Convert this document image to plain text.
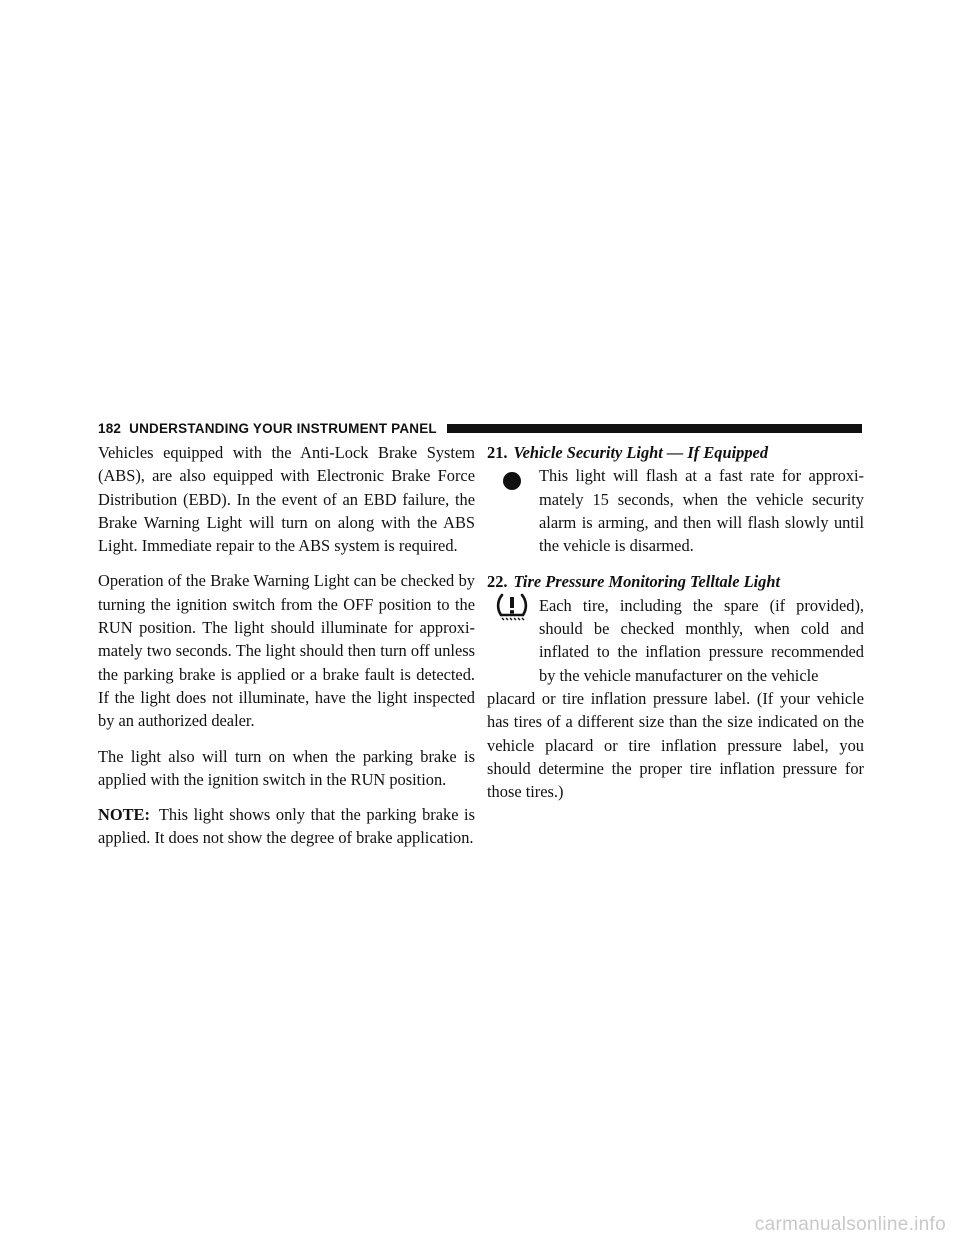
182 UNDERSTANDING YOUR INSTRUMENT PANEL

Vehicles equipped with the Anti-Lock Brake System (ABS), are also equipped with Electronic Brake Force Distribution (EBD). In the event of an EBD failure, the Brake Warning Light will turn on along with the ABS Light. Immediate repair to the ABS system is required.

Operation of the Brake Warning Light can be checked by turning the ignition switch from the OFF position to the RUN position. The light should illuminate for approximately two seconds. The light should then turn off unless the parking brake is applied or a brake fault is detected. If the light does not illuminate, have the light inspected by an authorized dealer.

The light also will turn on when the parking brake is applied with the ignition switch in the RUN position.

NOTE: This light shows only that the parking brake is applied. It does not show the degree of brake application.

21. Vehicle Security Light — If Equipped

This light will flash at a fast rate for approximately 15 seconds, when the vehicle security alarm is arming, and then will flash slowly until the vehicle is disarmed.

22. Tire Pressure Monitoring Telltale Light

Each tire, including the spare (if provided), should be checked monthly, when cold and inflated to the inflation pressure recommended by the vehicle manufacturer on the vehicle

placard or tire inflation pressure label. (If your vehicle has tires of a different size than the size indicated on the vehicle placard or tire inflation pressure label, you should determine the proper tire inflation pressure for those tires.)

carmanualsonline.info
